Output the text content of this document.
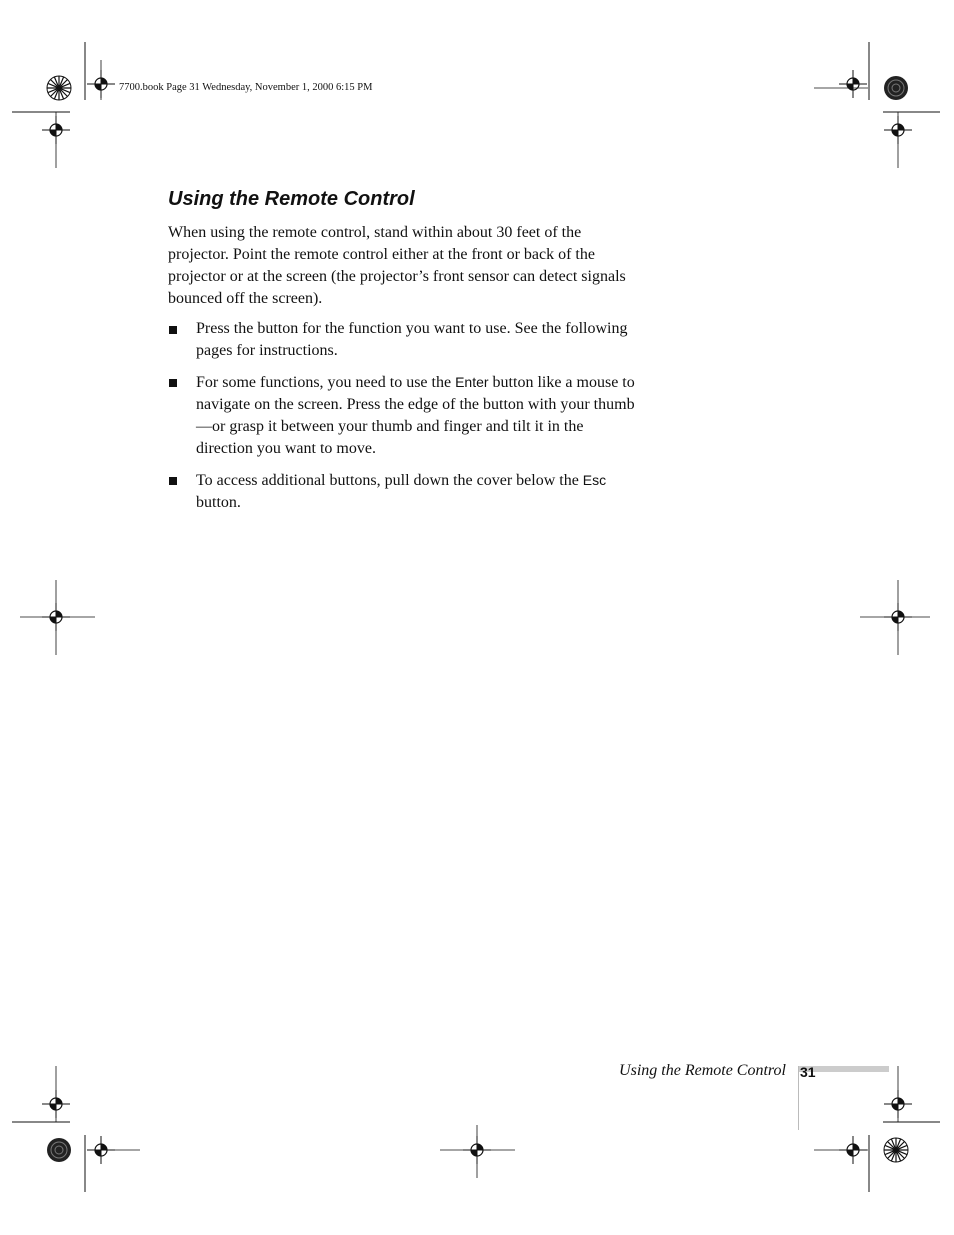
7700.book Page 31 Wednesday, November 1, 2000 6:15 PM
Using the Remote Control

When using the remote control, stand within about 30 feet of the projector. Point the remote control either at the front or back of the projector or at the screen (the projector’s front sensor can detect signals bounced off the screen).

Press the button for the function you want to use. See the following pages for instructions.
For some functions, you need to use the Enter button like a mouse to navigate on the screen. Press the edge of the button with your thumb—or grasp it between your thumb and finger and tilt it in the direction you want to move.
To access additional buttons, pull down the cover below the Esc button.
Using the Remote Control 31
